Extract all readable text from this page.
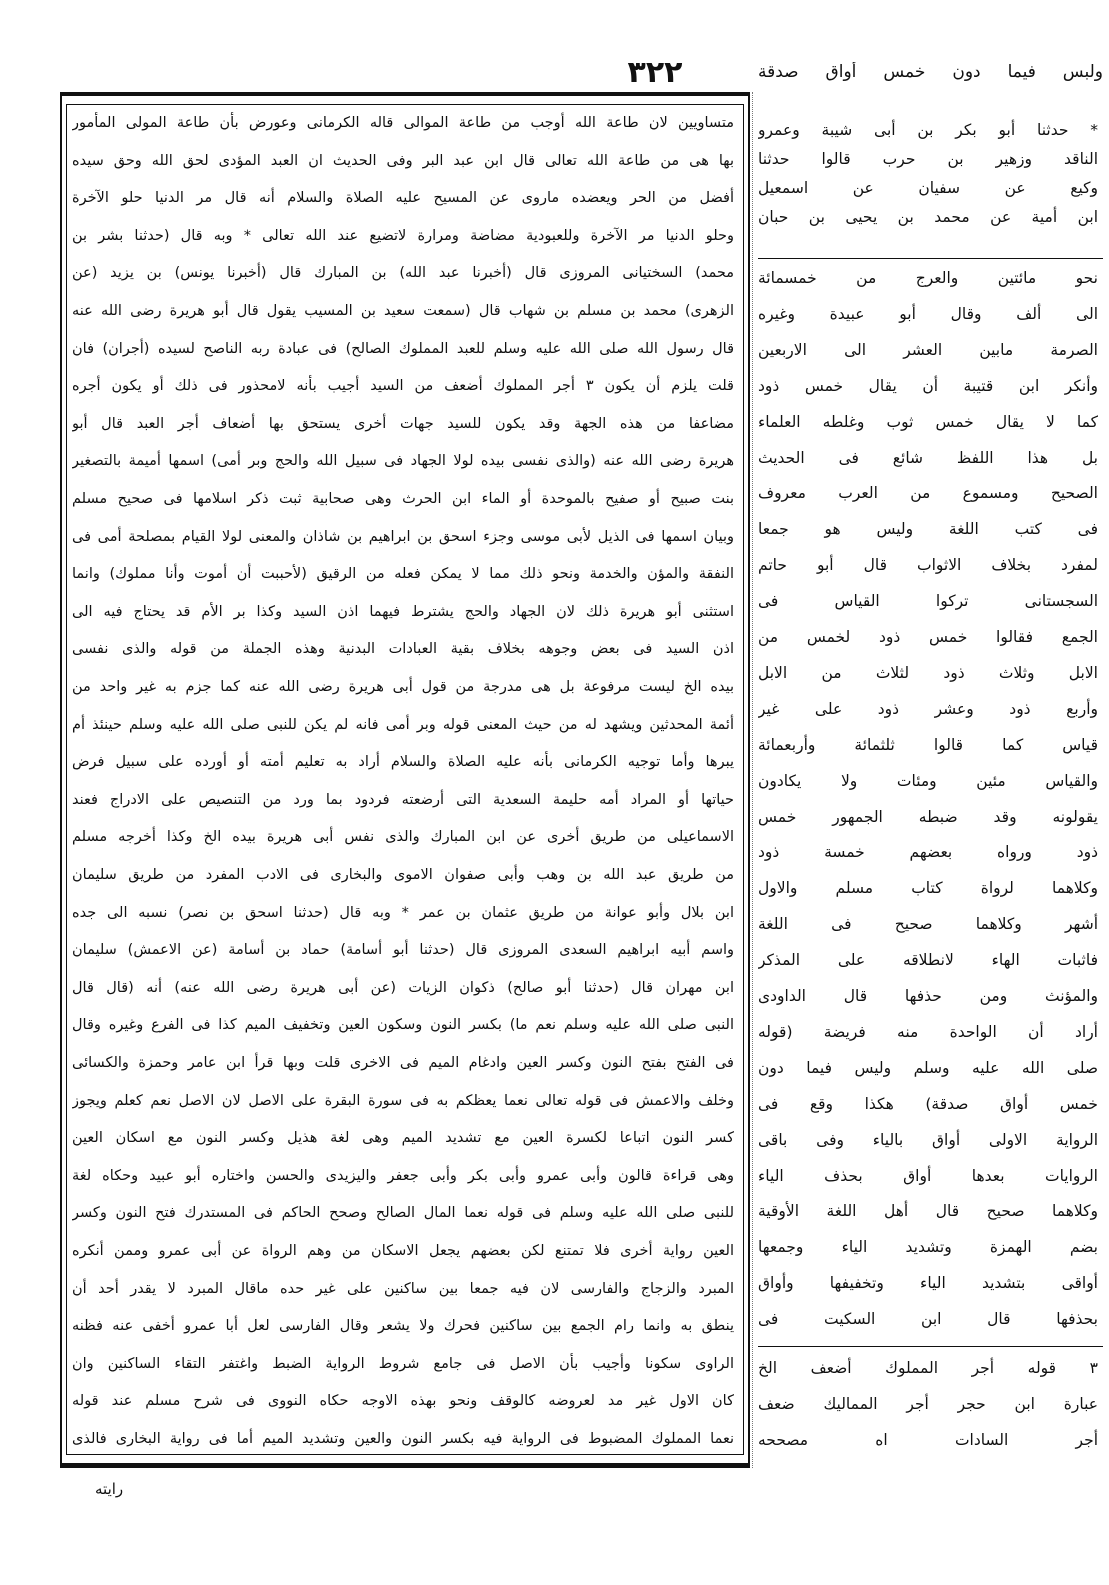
٣٢٢	ولبس فيما دون خمس أواق صدقة
متساويين لان طاعة الله أوجب من طاعة الموالى قاله الكرمانى وعورض بأن طاعة المولى المأمور
بها هى من طاعة الله تعالى قال ابن عبد البر وفى الحديث ان العبد المؤدى لحق الله وحق سيده
أفضل من الحر ويعضده ماروى عن المسيح عليه الصلاة والسلام أنه قال مر الدنيا حلو الآخرة
وحلو الدنيا مر الآخرة وللعبودية مضاضة ومرارة لاتضيع عند الله تعالى * وبه قال (حدثنا بشر بن
محمد) السختيانى المروزى قال (أخبرنا عبد الله) بن المبارك قال (أخبرنا يونس) بن يزيد (عن
الزهرى) محمد بن مسلم بن شهاب قال (سمعت سعيد بن المسيب يقول قال أبو هريرة رضى الله عنه
قال رسول الله صلى الله عليه وسلم للعبد المملوك الصالح) فى عبادة ربه الناصح لسيده (أجران) فان
قلت يلزم أن يكون ٣ أجر المملوك أضعف من السيد أجيب بأنه لامحذور فى ذلك أو يكون أجره
مضاعفا من هذه الجهة وقد يكون للسيد جهات أخرى يستحق بها أضعاف أجر العبد قال أبو
هريرة رضى الله عنه (والذى نفسى بيده لولا الجهاد فى سبيل الله والحج وبر أمى) اسمها أميمة بالتصغير
بنت صبيح أو صفيح بالموحدة أو الماء ابن الحرث وهى صحابية ثبت ذكر اسلامها فى صحيح مسلم
وبيان اسمها فى الذيل لأبى موسى وجزء اسحق بن ابراهيم بن شاذان والمعنى لولا القيام بمصلحة أمى فى
النفقة والمؤن والخدمة ونحو ذلك مما لا يمكن فعله من الرقيق (لأحببت أن أموت وأنا مملوك) وانما
استثنى أبو هريرة ذلك لان الجهاد والحج يشترط فيهما اذن السيد وكذا بر الأم قد يحتاج فيه الى
اذن السيد فى بعض وجوهه بخلاف بقية العبادات البدنية وهذه الجملة من قوله والذى نفسى
بيده الخ ليست مرفوعة بل هى مدرجة من قول أبى هريرة رضى الله عنه كما جزم به غير واحد من
أئمة المحدثين ويشهد له من حيث المعنى قوله وبر أمى فانه لم يكن للنبى صلى الله عليه وسلم حينئذ أم
يبرها وأما توجيه الكرمانى بأنه عليه الصلاة والسلام أراد به تعليم أمته أو أورده على سبيل فرض
حياتها أو المراد أمه حليمة السعدية التى أرضعته فردود بما ورد من التنصيص على الادراج فعند
الاسماعيلى من طريق أخرى عن ابن المبارك والذى نفس أبى هريرة بيده الخ وكذا أخرجه مسلم
من طريق عبد الله بن وهب وأبى صفوان الاموى والبخارى فى الادب المفرد من طريق سليمان
ابن بلال وأبو عوانة من طريق عثمان بن عمر * وبه قال (حدثنا اسحق بن نصر) نسبه الى جده
واسم أبيه ابراهيم السعدى المروزى قال (حدثنا أبو أسامة) حماد بن أسامة (عن الاعمش) سليمان
ابن مهران قال (حدثنا أبو صالح) ذكوان الزيات (عن أبى هريرة رضى الله عنه) أنه (قال قال
النبى صلى الله عليه وسلم نعم ما) بكسر النون وسكون العين وتخفيف الميم كذا فى الفرع وغيره وقال
فى الفتح بفتح النون وكسر العين وادغام الميم فى الاخرى قلت وبها قرأ ابن عامر وحمزة والكسائى
وخلف والاعمش فى قوله تعالى نعما يعظكم به فى سورة البقرة على الاصل لان الاصل نعم كعلم ويجوز
كسر النون اتباعا لكسرة العين مع تشديد الميم وهى لغة هذيل وكسر النون مع اسكان العين
وهى قراءة قالون وأبى عمرو وأبى بكر وأبى جعفر واليزيدى والحسن واختاره أبو عبيد وحكاه لغة
للنبى صلى الله عليه وسلم فى قوله نعما المال الصالح وصحح الحاكم فى المستدرك فتح النون وكسر
العين رواية أخرى فلا تمتنع لكن بعضهم يجعل الاسكان من وهم الرواة عن أبى عمرو وممن أنكره
المبرد والزجاج والفارسى لان فيه جمعا بين ساكنين على غير حده ماقال المبرد لا يقدر أحد أن
ينطق به وانما رام الجمع بين ساكنين فحرك ولا يشعر وقال الفارسى لعل أبا عمرو أخفى عنه فظنه
الراوى سكونا وأجيب بأن الاصل فى جامع شروط الرواية الضبط واغتفر التقاء الساكنين وان
كان الاول غير مد لعروضه كالوقف ونحو بهذه الاوجه حكاه النووى فى شرح مسلم عند قوله
نعما المملوك المضبوط فى الرواية فيه بكسر النون والعين وتشديد الميم أما فى رواية البخارى فالذى
* حدثنا أبو بكر بن أبى شيبة وعمرو
الناقد وزهير بن حرب قالوا حدثنا
وكيع عن سفيان عن اسمعيل
ابن أمية عن محمد بن يحيى بن حبان
نحو مائتين والعرج من خمسمائة
الى ألف وقال أبو عبيدة وغيره
الصرمة مابين العشر الى الاربعين
وأنكر ابن قتيبة أن يقال خمس ذود
كما لا يقال خمس ثوب وغلطه العلماء
بل هذا اللفظ شائع فى الحديث
الصحيح ومسموع من العرب معروف
فى كتب اللغة وليس هو جمعا
لمفرد بخلاف الاثواب قال أبو حاتم
السجستانى تركوا القياس فى
الجمع فقالوا خمس ذود لخمس من
الابل وثلاث ذود لثلاث من الابل
وأربع ذود وعشر ذود على غير
قياس كما قالوا ثلثمائة وأربعمائة
والقياس مئين ومئات ولا يكادون
يقولونه وقد ضبطه الجمهور خمس
ذود ورواه بعضهم خمسة ذود
وكلاهما لرواة كتاب مسلم والاول
أشهر وكلاهما صحيح فى اللغة
فاثبات الهاء لانطلاقه على المذكر
والمؤنث ومن حذفها قال الداودى
أراد أن الواحدة منه فريضة (قوله
صلى الله عليه وسلم وليس فيما دون
خمس أواق صدقة) هكذا وقع فى
الرواية الاولى أواق بالياء وفى باقى
الروايات بعدها أواق بحذف الياء
وكلاهما صحيح قال أهل اللغة الأوقية
بضم الهمزة وتشديد الياء وجمعها
أواقى بتشديد الياء وتخفيفها وأواق
بحذفها قال ابن السكيت فى
٣ قوله أجر المملوك أضعف الخ
عبارة ابن حجر أجر المماليك ضعف
أجر السادات اه مصححه
رايته
